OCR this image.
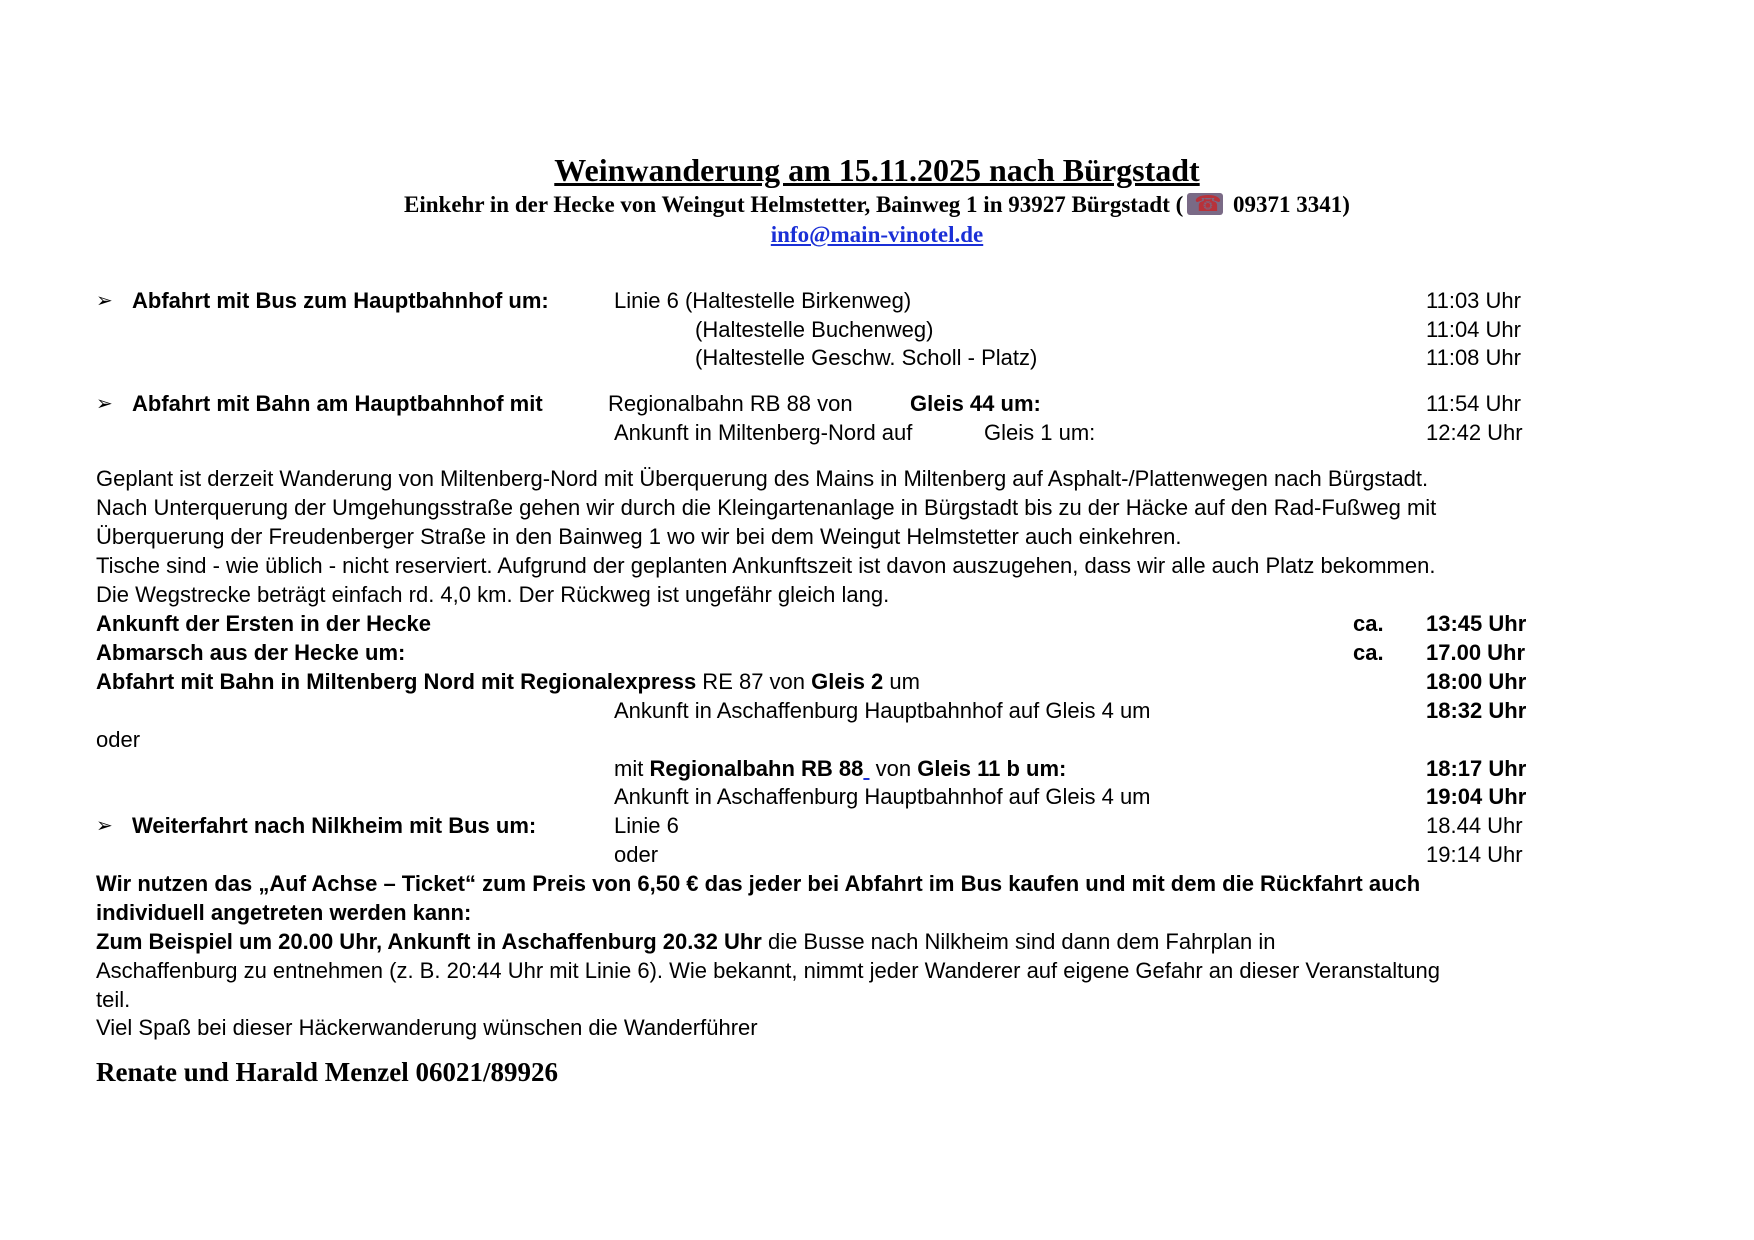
Weinwanderung am 15.11.2025 nach Bürgstadt
Einkehr in der Hecke von Weingut Helmstetter, Bainweg 1 in 93927 Bürgstadt (☎ 09371 3341)
info@main-vinotel.de
➢ Abfahrt mit Bus zum Hauptbahnhof um:	Linie 6 (Haltestelle Birkenweg)	11:03 Uhr
(Haltestelle Buchenweg)	11:04 Uhr
(Haltestelle Geschw. Scholl - Platz)	11:08 Uhr
➢ Abfahrt mit Bahn am Hauptbahnhof mit	Regionalbahn RB 88 von	Gleis 44 um:	11:54 Uhr
Ankunft in Miltenberg-Nord auf	Gleis 1 um:	12:42 Uhr
Geplant ist derzeit Wanderung von Miltenberg-Nord mit Überquerung des Mains in Miltenberg auf Asphalt-/Plattenwegen nach Bürgstadt.
Nach Unterquerung der Umgehungsstraße gehen wir durch die Kleingartenanlage in Bürgstadt bis zu der Häcke auf den Rad-Fußweg mit
Überquerung der Freudenberger Straße in den Bainweg 1 wo wir bei dem Weingut Helmstetter auch einkehren.
Tische sind - wie üblich - nicht reserviert. Aufgrund der geplanten Ankunftszeit ist davon auszugehen, dass wir alle auch Platz bekommen.
Die Wegstrecke beträgt einfach rd. 4,0 km. Der Rückweg ist ungefähr gleich lang.
Ankunft der Ersten in der Hecke	ca. 13:45 Uhr
Abmarsch aus der Hecke um:	ca. 17.00 Uhr
Abfahrt mit Bahn in Miltenberg Nord mit Regionalexpress RE 87 von Gleis 2 um	18:00 Uhr
Ankunft in Aschaffenburg Hauptbahnhof auf Gleis 4 um	18:32 Uhr
oder
mit Regionalbahn RB 88  von Gleis 11 b um:	18:17 Uhr
Ankunft in Aschaffenburg Hauptbahnhof auf Gleis 4 um	19:04 Uhr
➢ Weiterfahrt nach Nilkheim mit Bus um:	Linie 6	18.44 Uhr
oder	19:14 Uhr
Wir nutzen das „Auf Achse – Ticket“ zum Preis von 6,50 € das jeder bei Abfahrt im Bus kaufen und mit dem die Rückfahrt auch
individuell angetreten werden kann:
Zum Beispiel um 20.00 Uhr, Ankunft in Aschaffenburg 20.32 Uhr die Busse nach Nilkheim sind dann dem Fahrplan in
Aschaffenburg zu entnehmen (z. B. 20:44 Uhr mit Linie 6). Wie bekannt, nimmt jeder Wanderer auf eigene Gefahr an dieser Veranstaltung
teil.
Viel Spaß bei dieser Häckerwanderung wünschen die Wanderführer
Renate und Harald Menzel 06021/89926
